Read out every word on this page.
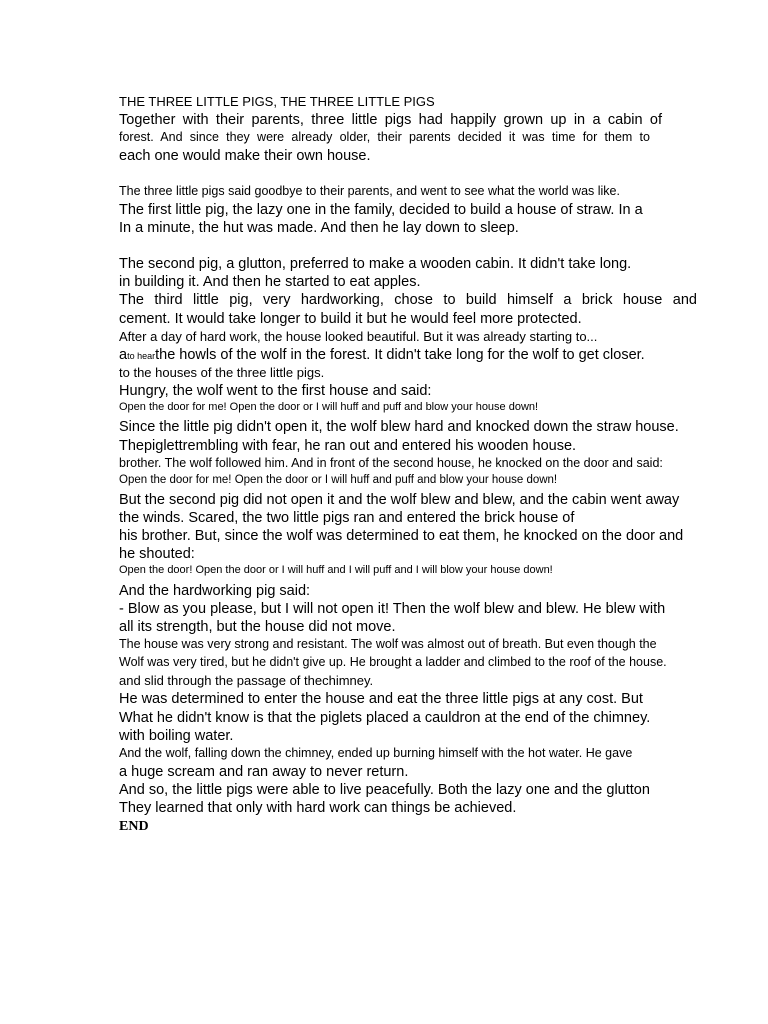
THE THREE LITTLE PIGS, THE THREE LITTLE PIGS

Together with their parents, three little pigs had happily grown up in a cabin of

forest. And since they were already older, their parents decided it was time for them to

each one would make their own house.

The three little pigs said goodbye to their parents, and went to see what the world was like.

The first little pig, the lazy one in the family, decided to build a house of straw. In a

In a minute, the hut was made. And then he lay down to sleep.

The second pig, a glutton, preferred to make a wooden cabin. It didn't take long.

in building it. And then he started to eat apples.

The third little pig, very hardworking, chose to build himself a brick house and

cement. It would take longer to build it but he would feel more protected.

After a day of hard work, the house looked beautiful. But it was already starting to...

ato hearthe howls of the wolf in the forest. It didn't take long for the wolf to get closer.

to the houses of the three little pigs.

Hungry, the wolf went to the first house and said:

Open the door for me! Open the door or I will huff and puff and blow your house down!

Since the little pig didn't open it, the wolf blew hard and knocked down the straw house.

Thepiglettrembling with fear, he ran out and entered his wooden house.

brother. The wolf followed him. And in front of the second house, he knocked on the door and said:

Open the door for me! Open the door or I will huff and puff and blow your house down!

But the second pig did not open it and the wolf blew and blew, and the cabin went away

the winds. Scared, the two little pigs ran and entered the brick house of

his brother. But, since the wolf was determined to eat them, he knocked on the door and

he shouted:

Open the door! Open the door or I will huff and I will puff and I will blow your house down!

And the hardworking pig said:

- Blow as you please, but I will not open it! Then the wolf blew and blew. He blew with

all its strength, but the house did not move.

The house was very strong and resistant. The wolf was almost out of breath. But even though the

Wolf was very tired, but he didn't give up. He brought a ladder and climbed to the roof of the house.

and slid through the passage of thechimney.

He was determined to enter the house and eat the three little pigs at any cost. But

What he didn't know is that the piglets placed a cauldron at the end of the chimney.

with boiling water.

And the wolf, falling down the chimney, ended up burning himself with the hot water. He gave

a huge scream and ran away to never return.

And so, the little pigs were able to live peacefully. Both the lazy one and the glutton

They learned that only with hard work can things be achieved.

END
